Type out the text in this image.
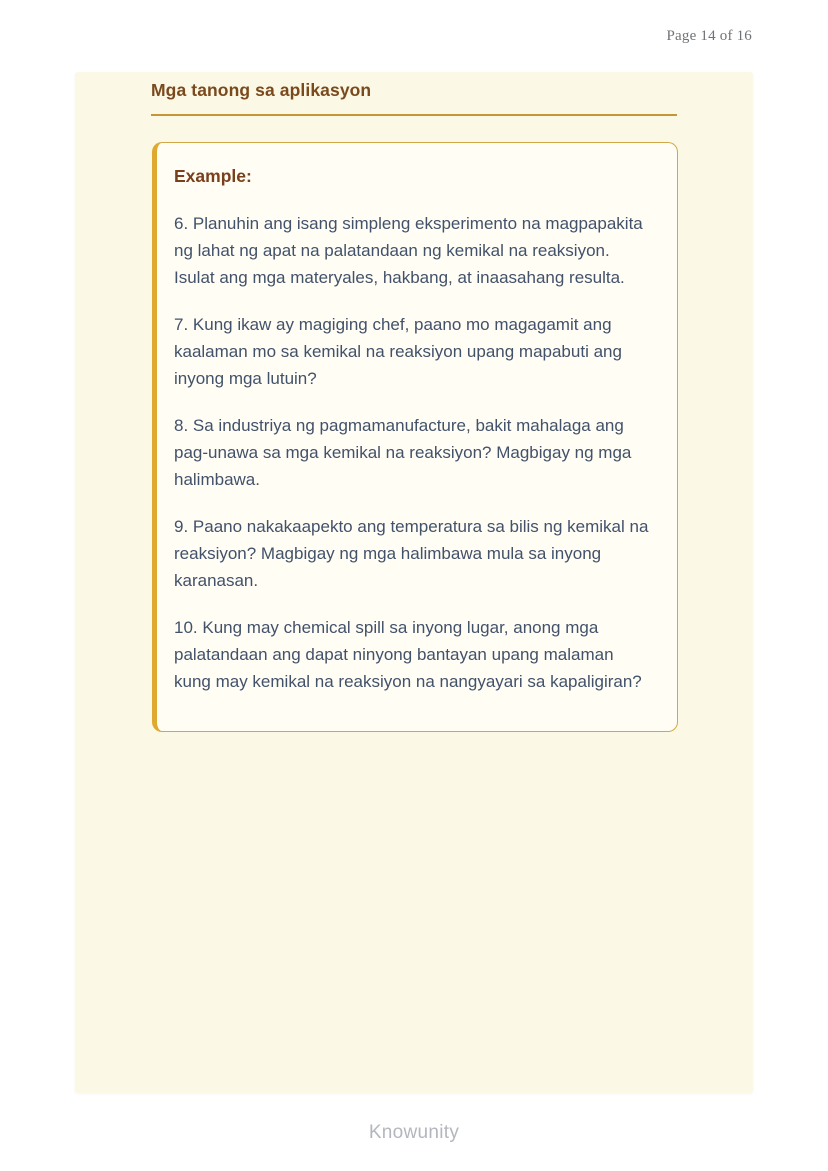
Page 14 of 16
Mga tanong sa aplikasyon
Example:

6. Planuhin ang isang simpleng eksperimento na magpapakita ng lahat ng apat na palatandaan ng kemikal na reaksiyon. Isulat ang mga materyales, hakbang, at inaasahang resulta.

7. Kung ikaw ay magiging chef, paano mo magagamit ang kaalaman mo sa kemikal na reaksiyon upang mapabuti ang inyong mga lutuin?

8. Sa industriya ng pagmamanufacture, bakit mahalaga ang pag-unawa sa mga kemikal na reaksiyon? Magbigay ng mga halimbawa.

9. Paano nakakaapekto ang temperatura sa bilis ng kemikal na reaksiyon? Magbigay ng mga halimbawa mula sa inyong karanasan.

10. Kung may chemical spill sa inyong lugar, anong mga palatandaan ang dapat ninyong bantayan upang malaman kung may kemikal na reaksiyon na nangyayari sa kapaligiran?

Knowunity
